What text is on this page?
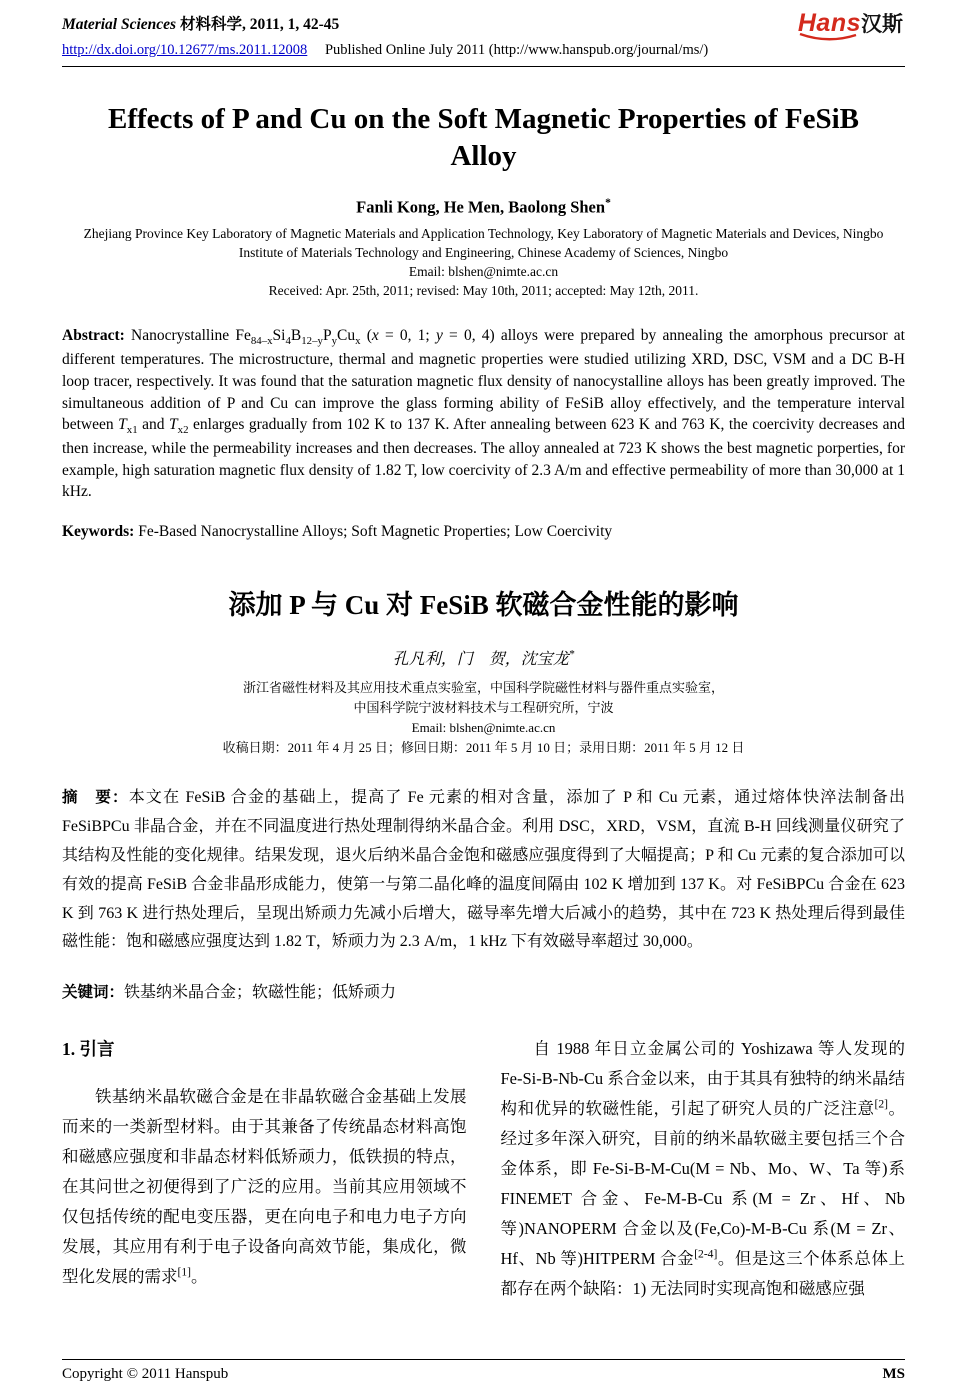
Material Sciences 材料科学, 2011, 1, 42-45	Hans汉斯
http://dx.doi.org/10.12677/ms.2011.12008 Published Online July 2011 (http://www.hanspub.org/journal/ms/)
Effects of P and Cu on the Soft Magnetic Properties of FeSiB Alloy
Fanli Kong, He Men, Baolong Shen*
Zhejiang Province Key Laboratory of Magnetic Materials and Application Technology, Key Laboratory of Magnetic Materials and Devices, Ningbo Institute of Materials Technology and Engineering, Chinese Academy of Sciences, Ningbo
Email: blshen@nimte.ac.cn
Received: Apr. 25th, 2011; revised: May 10th, 2011; accepted: May 12th, 2011.

Abstract: Nanocrystalline $Fe_{84-x}Si_4B_{12-y}P_yCu_x$ (x = 0, 1; y = 0, 4) alloys were prepared by annealing the amorphous precursor at different temperatures. The microstructure, thermal and magnetic properties were studied utilizing XRD, DSC, VSM and a DC B-H loop tracer, respectively. It was found that the saturation magnetic flux density of nanocystalline alloys has been greatly improved. The simultaneous addition of P and Cu can improve the glass forming ability of FeSiB alloy effectively, and the temperature interval between $T_{x1}$ and $T_{x2}$ enlarges gradually from 102 K to 137 K. After annealing between 623 K and 763 K, the coercivity decreases and then increase, while the permeability increases and then decreases. The alloy annealed at 723 K shows the best magnetic porperties, for example, high saturation magnetic flux density of 1.82 T, low coercivity of 2.3 A/m and effective permeability of more than 30,000 at 1 kHz.

Keywords: Fe-Based Nanocrystalline Alloys; Soft Magnetic Properties; Low Coercivity

添加 P 与 Cu 对 FeSiB 软磁合金性能的影响
孔凡利，门　贺，沈宝龙*
浙江省磁性材料及其应用技术重点实验室，中国科学院磁性材料与器件重点实验室，
中国科学院宁波材料技术与工程研究所，宁波
Email: blshen@nimte.ac.cn
收稿日期：2011 年 4 月 25 日；修回日期：2011 年 5 月 10 日；录用日期：2011 年 5 月 12 日

摘　要：本文在 FeSiB 合金的基础上，提高了 Fe 元素的相对含量，添加了 P 和 Cu 元素，通过熔体快淬法制备出 FeSiBPCu 非晶合金，并在不同温度进行热处理制得纳米晶合金。利用 DSC，XRD，VSM，直流 B-H 回线测量仪研究了其结构及性能的变化规律。结果发现，退火后纳米晶合金饱和磁感应强度得到了大幅提高；P 和 Cu 元素的复合添加可以有效的提高 FeSiB 合金非晶形成能力，使第一与第二晶化峰的温度间隔由 102 K 增加到 137 K。对 FeSiBPCu 合金在 623 K 到 763 K 进行热处理后，呈现出矫顽力先减小后增大，磁导率先增大后减小的趋势，其中在 723 K 热处理后得到最佳磁性能：饱和磁感应强度达到 1.82 T，矫顽力为 2.3 A/m，1 kHz 下有效磁导率超过 30,000。

关键词：铁基纳米晶合金；软磁性能；低矫顽力

1. 引言

铁基纳米晶软磁合金是在非晶软磁合金基础上发展而来的一类新型材料。由于其兼备了传统晶态材料高饱和磁感应强度和非晶态材料低矫顽力，低铁损的特点，在其问世之初便得到了广泛的应用。当前其应用领域不仅包括传统的配电变压器，更在向电子和电力电子方向发展，其应用有利于电子设备向高效节能，集成化，微型化发展的需求[1]。

自 1988 年日立金属公司的 Yoshizawa 等人发现的 Fe-Si-B-Nb-Cu 系合金以来，由于其具有独特的纳米晶结构和优异的软磁性能，引起了研究人员的广泛注意[2]。经过多年深入研究，目前的纳米晶软磁主要包括三个合金体系，即 Fe-Si-B-M-Cu(M = Nb、Mo、W、Ta 等)系 FINEMET 合金、Fe-M-B-Cu 系(M = Zr、Hf、Nb 等)NANOPERM 合金以及(Fe,Co)-M-B-Cu 系(M = Zr、Hf、Nb 等)HITPERM 合金[2-4]。但是这三个体系总体上都存在两个缺陷：1) 无法同时实现高饱和磁感应强

Copyright © 2011 Hanspub	MS
